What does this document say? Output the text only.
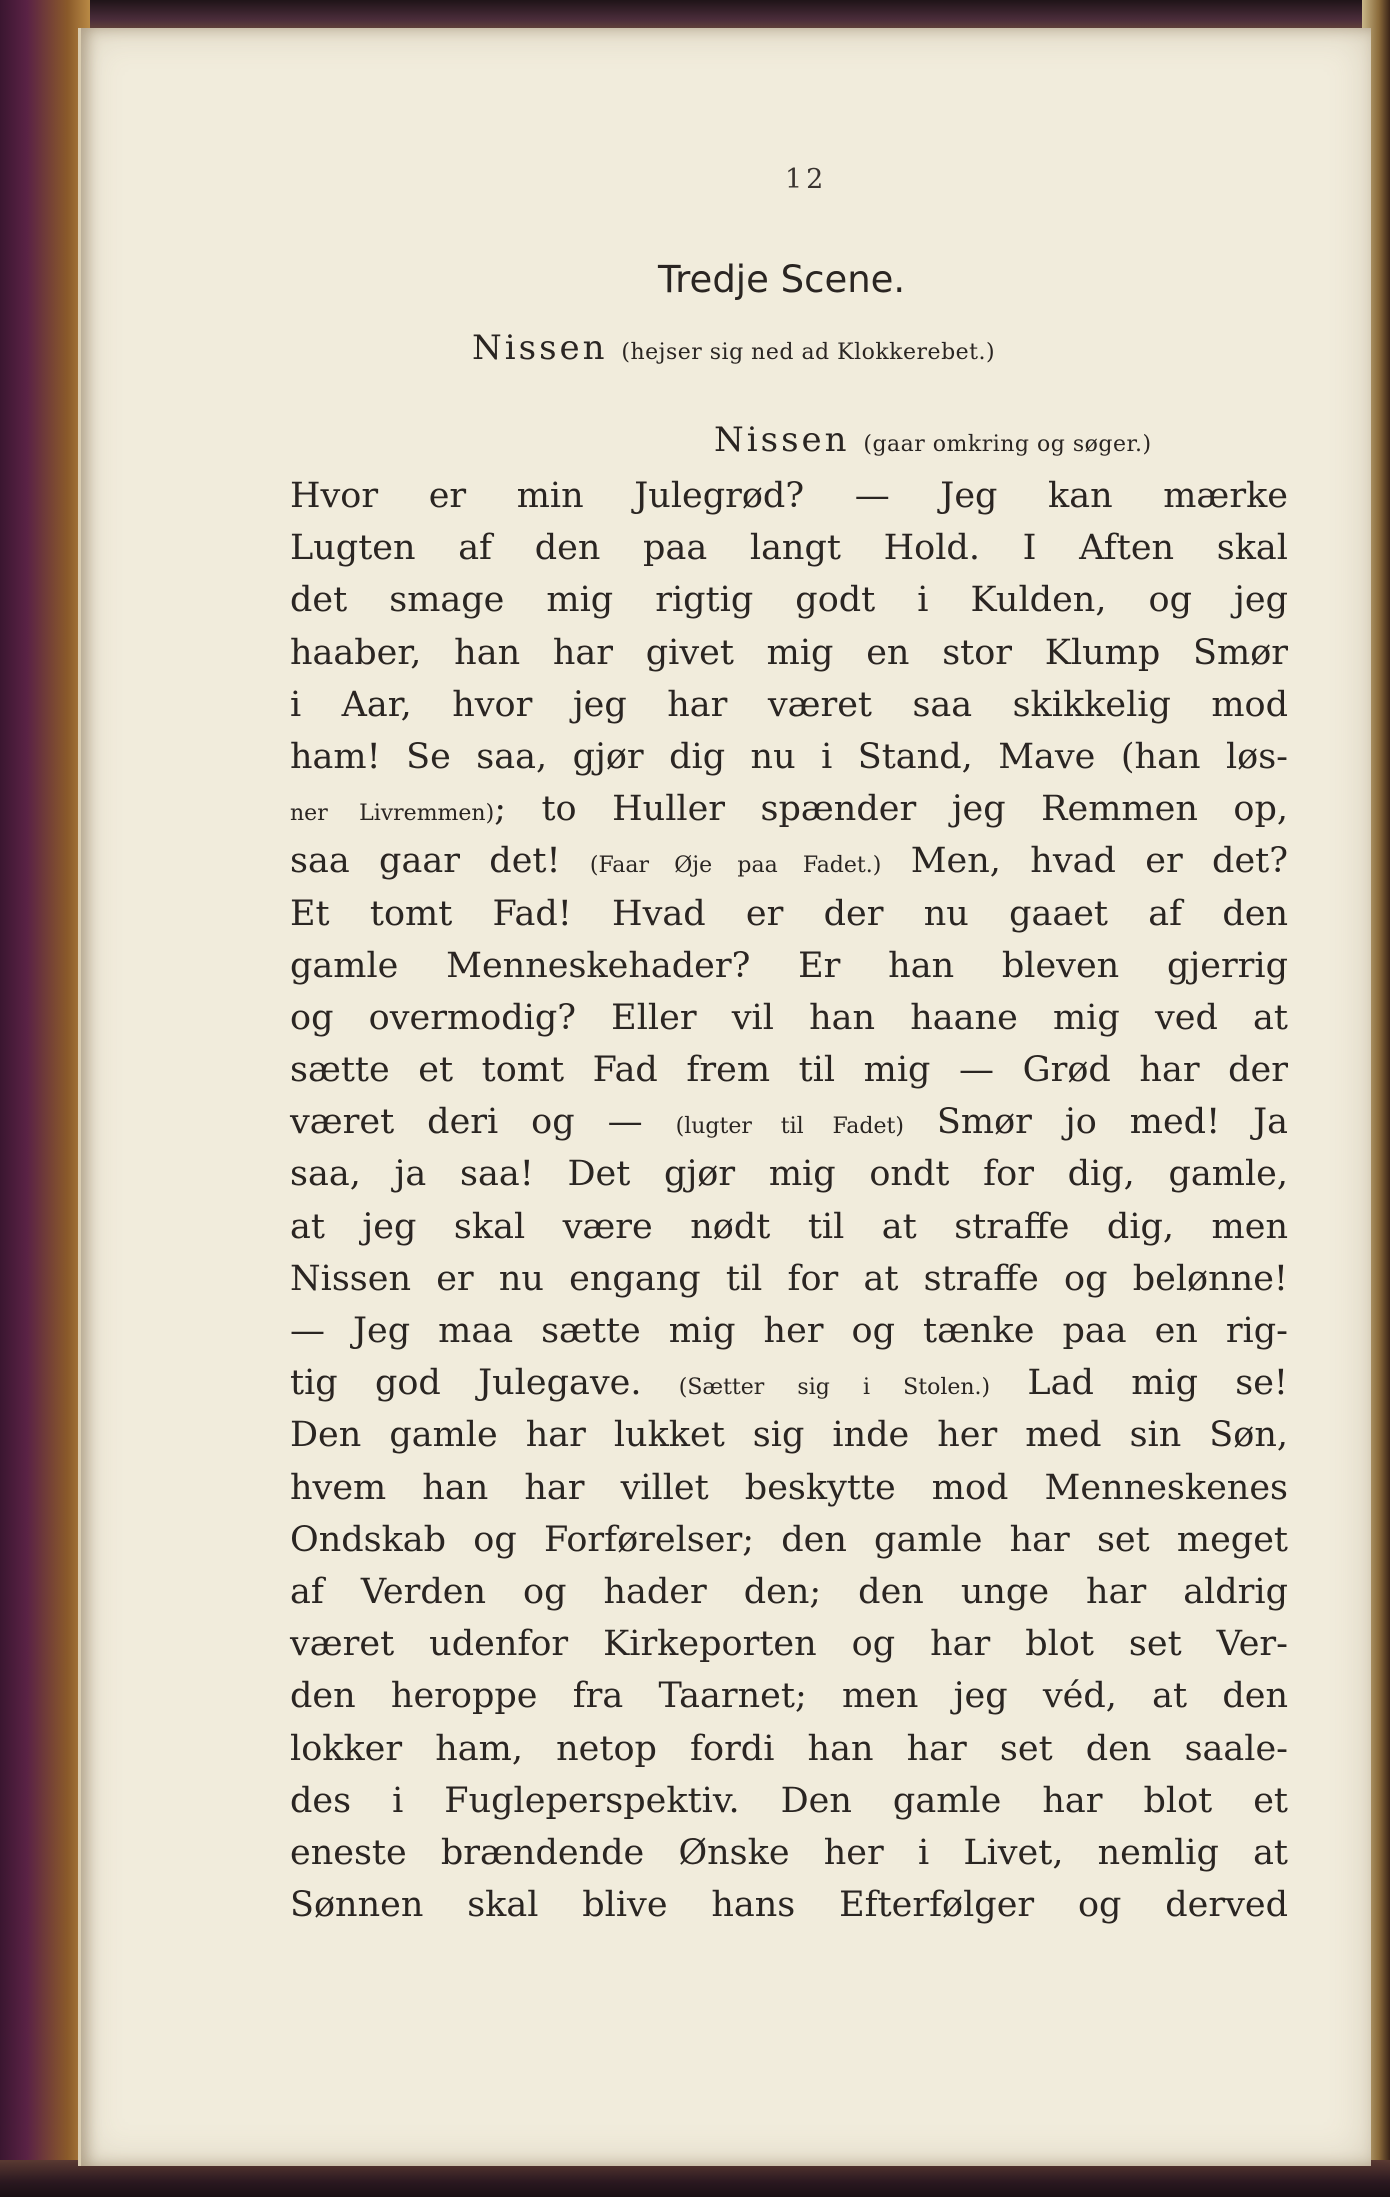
12
Tredje Scene.
Nissen (hejser sig ned ad Klokkerebet.)
Nissen (gaar omkring og søger.)
Hvor er min Julegrød? — Jeg kan mærke
Lugten af den paa langt Hold. I Aften skal
det smage mig rigtig godt i Kulden, og jeg
haaber, han har givet mig en stor Klump Smør
i Aar, hvor jeg har været saa skikkelig mod
ham! Se saa, gjør dig nu i Stand, Mave (han løs-
ner Livremmen); to Huller spænder jeg Remmen op,
saa gaar det! (Faar Øje paa Fadet.) Men, hvad er det?
Et tomt Fad! Hvad er der nu gaaet af den
gamle Menneskehader? Er han bleven gjerrig
og overmodig? Eller vil han haane mig ved at
sætte et tomt Fad frem til mig — Grød har der
været deri og — (lugter til Fadet) Smør jo med! Ja
saa, ja saa! Det gjør mig ondt for dig, gamle,
at jeg skal være nødt til at straffe dig, men
Nissen er nu engang til for at straffe og belønne!
— Jeg maa sætte mig her og tænke paa en rig-
tig god Julegave. (Sætter sig i Stolen.) Lad mig se!
Den gamle har lukket sig inde her med sin Søn,
hvem han har villet beskytte mod Menneskenes
Ondskab og Forførelser; den gamle har set meget
af Verden og hader den; den unge har aldrig
været udenfor Kirkeporten og har blot set Ver-
den heroppe fra Taarnet; men jeg véd, at den
lokker ham, netop fordi han har set den saale-
des i Fugleperspektiv. Den gamle har blot et
eneste brændende Ønske her i Livet, nemlig at
Sønnen skal blive hans Efterfølger og derved
